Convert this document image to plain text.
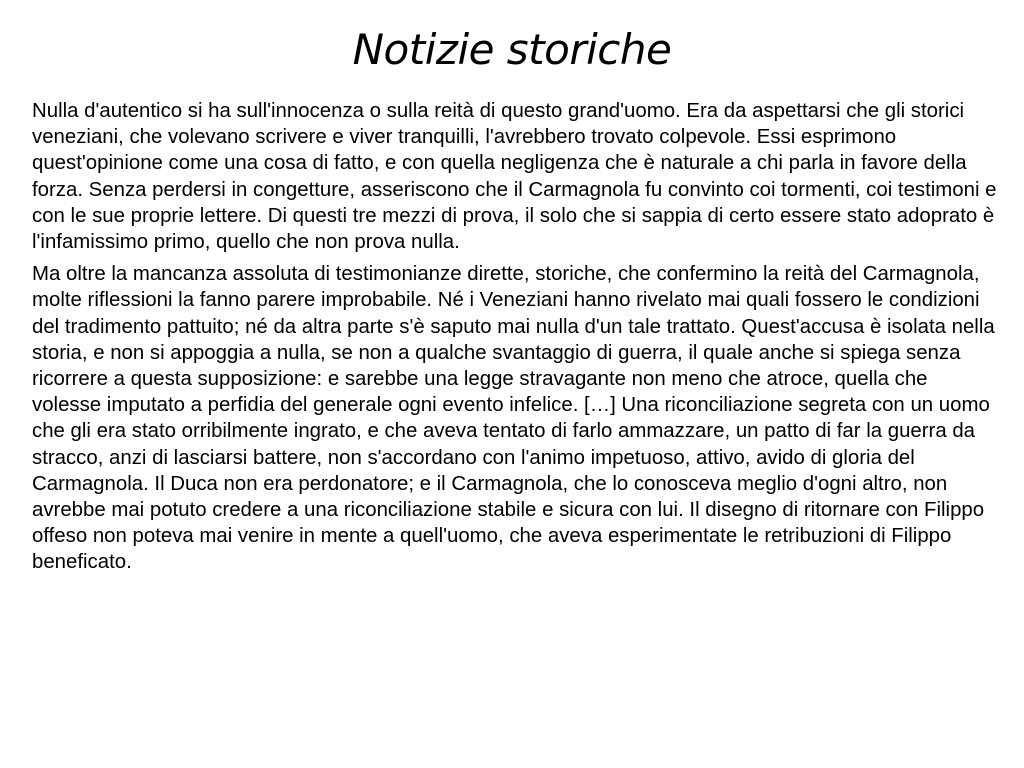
Notizie storiche

Nulla d'autentico si ha sull'innocenza o sulla reità di questo grand'uomo. Era da aspettarsi che gli storici veneziani, che volevano scrivere e viver tranquilli, l'avrebbero trovato colpevole. Essi esprimono quest'opinione come una cosa di fatto, e con quella negligenza che è naturale a chi parla in favore della forza. Senza perdersi in congetture, asseriscono che il Carmagnola fu convinto coi tormenti, coi testimoni e con le sue proprie lettere. Di questi tre mezzi di prova, il solo che si sappia di certo essere stato adoprato è l'infamissimo primo, quello che non prova nulla.

Ma oltre la mancanza assoluta di testimonianze dirette, storiche, che confermino la reità del Carmagnola, molte riflessioni la fanno parere improbabile. Né i Veneziani hanno rivelato mai quali fossero le condizioni del tradimento pattuito; né da altra parte s'è saputo mai nulla d'un tale trattato. Quest'accusa è isolata nella storia, e non si appoggia a nulla, se non a qualche svantaggio di guerra, il quale anche si spiega senza ricorrere a questa supposizione: e sarebbe una legge stravagante non meno che atroce, quella che volesse imputato a perfidia del generale ogni evento infelice. […] Una riconciliazione segreta con un uomo che gli era stato orribilmente ingrato, e che aveva tentato di farlo ammazzare, un patto di far la guerra da stracco, anzi di lasciarsi battere, non s'accordano con l'animo impetuoso, attivo, avido di gloria del Carmagnola. Il Duca non era perdonatore; e il Carmagnola, che lo conosceva meglio d'ogni altro, non avrebbe mai potuto credere a una riconciliazione stabile e sicura con lui. Il disegno di ritornare con Filippo offeso non poteva mai venire in mente a quell'uomo, che aveva esperimentate le retribuzioni di Filippo beneficato.
